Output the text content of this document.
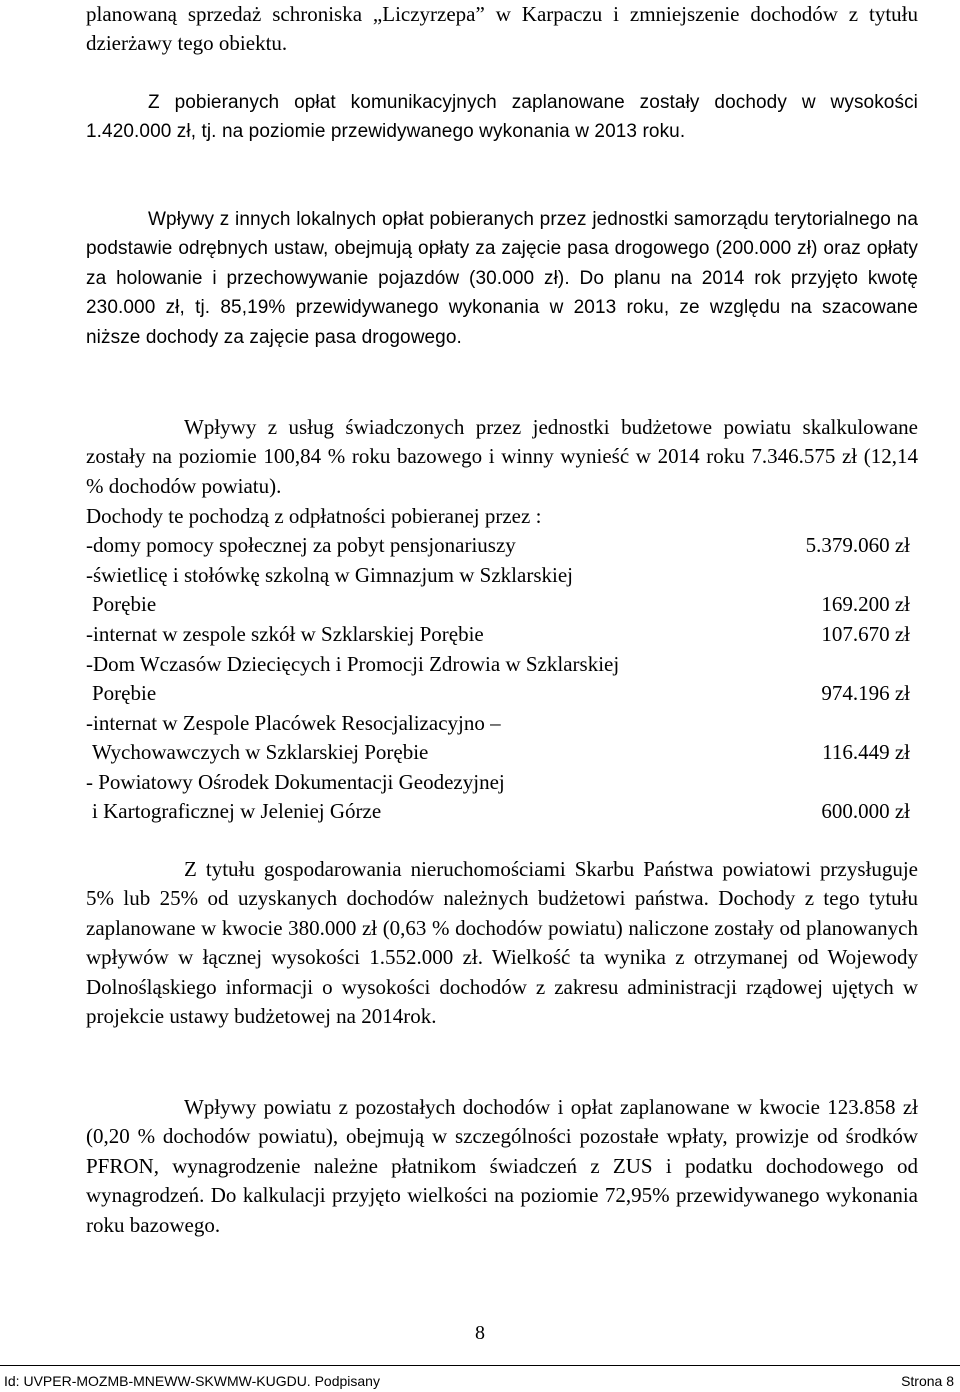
planowaną sprzedaż schroniska „Liczyrzepa” w Karpaczu i zmniejszenie dochodów z tytułu dzierżawy tego obiektu.

Z pobieranych opłat komunikacyjnych zaplanowane zostały dochody w wysokości 1.420.000 zł, tj. na poziomie przewidywanego wykonania w 2013 roku.

Wpływy z innych lokalnych opłat pobieranych przez jednostki samorządu terytorialnego na podstawie odrębnych ustaw, obejmują opłaty za zajęcie pasa drogowego (200.000 zł) oraz opłaty za holowanie i przechowywanie pojazdów (30.000 zł). Do planu na 2014 rok przyjęto kwotę 230.000 zł, tj. 85,19% przewidywanego wykonania w 2013 roku, ze względu na szacowane niższe dochody za zajęcie pasa drogowego.

Wpływy z usług świadczonych przez jednostki budżetowe powiatu skalkulowane zostały na poziomie 100,84 % roku bazowego i winny wynieść w 2014 roku 7.346.575 zł (12,14 % dochodów powiatu).

Dochody te pochodzą z odpłatności pobieranej przez :

-domy pomocy społecznej za pobyt pensjonariuszy	5.379.060 zł
-świetlicę i stołówkę szkolną w Gimnazjum w Szklarskiej
Porębie	169.200 zł
-internat w zespole szkół w Szklarskiej Porębie	107.670 zł
-Dom Wczasów Dziecięcych i Promocji Zdrowia w Szklarskiej
Porębie	974.196 zł
-internat w Zespole Placówek Resocjalizacyjno –
Wychowawczych w Szklarskiej Porębie	116.449 zł
- Powiatowy Ośrodek Dokumentacji Geodezyjnej
i Kartograficznej w Jeleniej Górze	600.000 zł

Z tytułu gospodarowania nieruchomościami Skarbu Państwa powiatowi przysługuje 5% lub 25% od uzyskanych dochodów należnych budżetowi państwa. Dochody z tego tytułu zaplanowane w kwocie 380.000 zł (0,63 % dochodów powiatu) naliczone zostały od planowanych wpływów w łącznej wysokości 1.552.000 zł. Wielkość ta wynika z otrzymanej od Wojewody Dolnośląskiego informacji o wysokości dochodów z zakresu administracji rządowej ujętych w projekcie ustawy budżetowej na 2014rok.

Wpływy powiatu z pozostałych dochodów i opłat zaplanowane w kwocie 123.858 zł (0,20 % dochodów powiatu), obejmują w szczególności pozostałe wpłaty, prowizje od środków PFRON, wynagrodzenie należne płatnikom świadczeń z ZUS i podatku dochodowego od wynagrodzeń. Do kalkulacji przyjęto wielkości na poziomie 72,95% przewidywanego wykonania roku bazowego.

8
Id: UVPER-MOZMB-MNEWW-SKWMW-KUGDU. Podpisany	Strona 8
